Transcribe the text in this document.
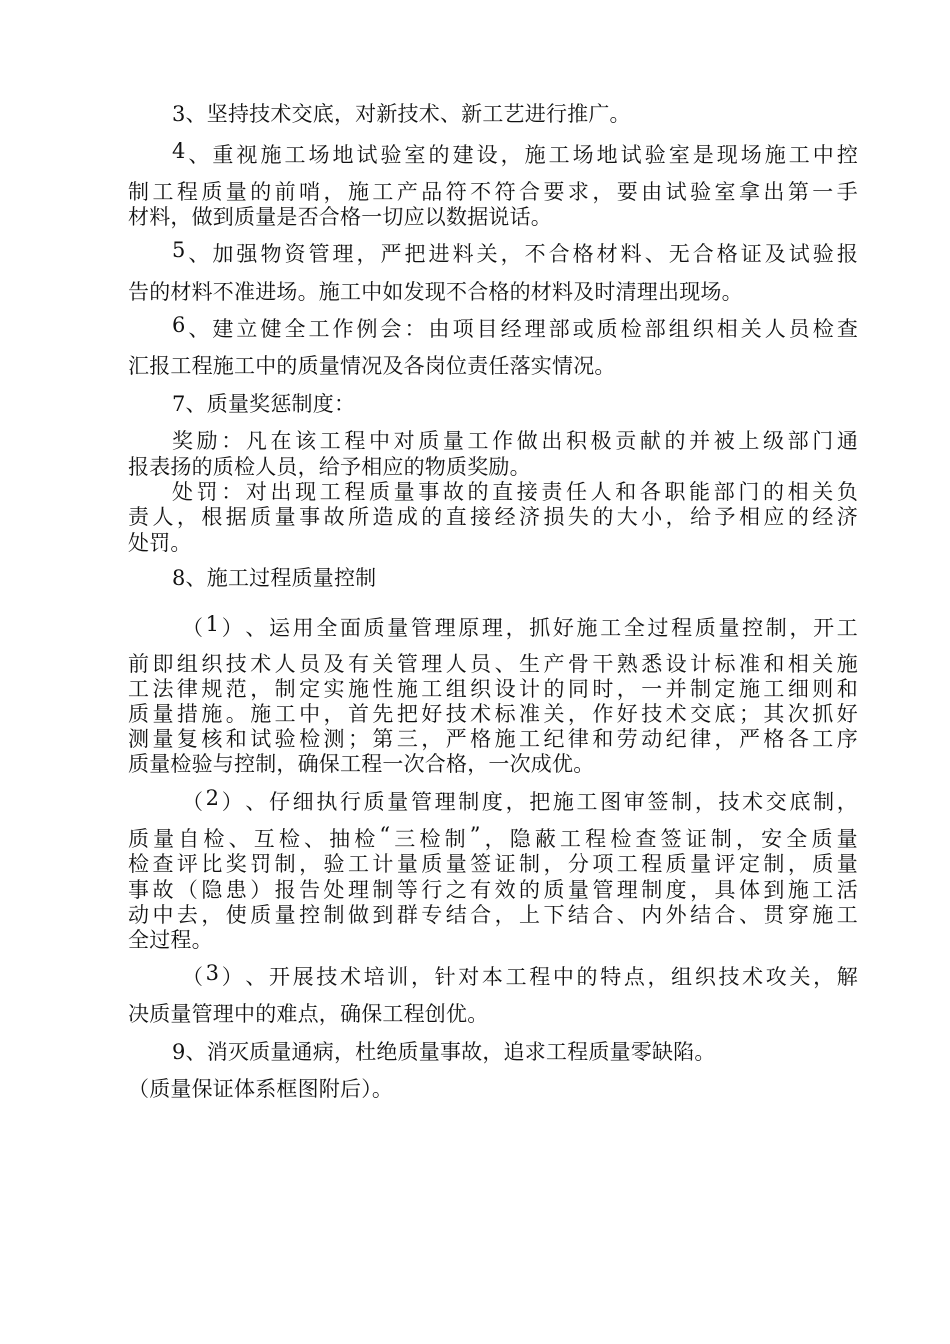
3、坚持技术交底，对新技术、新工艺进行推广。
4 、 重 视 施 工 场 地 试 验 室 的 建 设 ， 施 工 场 地 试 验 室 是 现 场 施 工 中 控
制 工 程 质 量 的 前 哨 ， 施 工 产 品 符 不 符 合 要 求 ， 要 由 试 验 室 拿 出 第 一 手
材料，做到质量是否合格一切应以数据说话。
5 、 加 强 物 资 管 理 ， 严 把 进 料 关 ， 不 合 格 材 料 、 无 合 格 证 及 试 验 报
告的材料不准进场。施工中如发现不合格的材料及时清理出现场。
6 、 建 立 健 全 工 作 例 会 ： 由 项 目 经 理 部 或 质 检 部 组 织 相 关 人 员 检 查
汇报工程施工中的质量情况及各岗位责任落实情况。
7、质量奖惩制度：
奖 励 ： 凡 在 该 工 程 中 对 质 量 工 作 做 出 积 极 贡 献 的 并 被 上 级 部 门 通
报表扬的质检人员，给予相应的物质奖励。
处 罚 ： 对 出 现 工 程 质 量 事 故 的 直 接 责 任 人 和 各 职 能 部 门 的 相 关 负
责 人 ， 根 据 质 量 事 故 所 造 成 的 直 接 经 济 损 失 的 大 小 ， 给 予 相 应 的 经 济
处罚。
8、施工过程质量控制
（ 1 ） 、 运 用 全 面 质 量 管 理 原 理 ， 抓 好 施 工 全 过 程 质 量 控 制 ， 开 工
前 即 组 织 技 术 人 员 及 有 关 管 理 人 员 、 生 产 骨 干 熟 悉 设 计 标 准 和 相 关 施
工 法 律 规 范 ， 制 定 实 施 性 施 工 组 织 设 计 的 同 时 ， 一 并 制 定 施 工 细 则 和
质 量 措 施 。 施 工 中 ， 首 先 把 好 技 术 标 准 关 ， 作 好 技 术 交 底 ； 其 次 抓 好
测 量 复 核 和 试 验 检 测 ； 第 三 ， 严 格 施 工 纪 律 和 劳 动 纪 律 ， 严 格 各 工 序
质量检验与控制，确保工程一次合格，一次成优。
（ 2 ） 、 仔 细 执 行 质 量 管 理 制 度 ， 把 施 工 图 审 签 制 ， 技 术 交 底 制 ，
质 量 自 检 、 互 检 、 抽 检 “ 三 检 制 ” ， 隐 蔽 工 程 检 查 签 证 制 ， 安 全 质 量
检 查 评 比 奖 罚 制 ， 验 工 计 量 质 量 签 证 制 ， 分 项 工 程 质 量 评 定 制 ， 质 量
事 故 （ 隐 患 ） 报 告 处 理 制 等 行 之 有 效 的 质 量 管 理 制 度 ， 具 体 到 施 工 活
动 中 去 ， 使 质 量 控 制 做 到 群 专 结 合 ， 上 下 结 合 、 内 外 结 合 、 贯 穿 施 工
全过程。
（ 3 ） 、 开 展 技 术 培 训 ， 针 对 本 工 程 中 的 特 点 ， 组 织 技 术 攻 关 ， 解
决质量管理中的难点，确保工程创优。
9、消灭质量通病，杜绝质量事故，追求工程质量零缺陷。
（质量保证体系框图附后）。
